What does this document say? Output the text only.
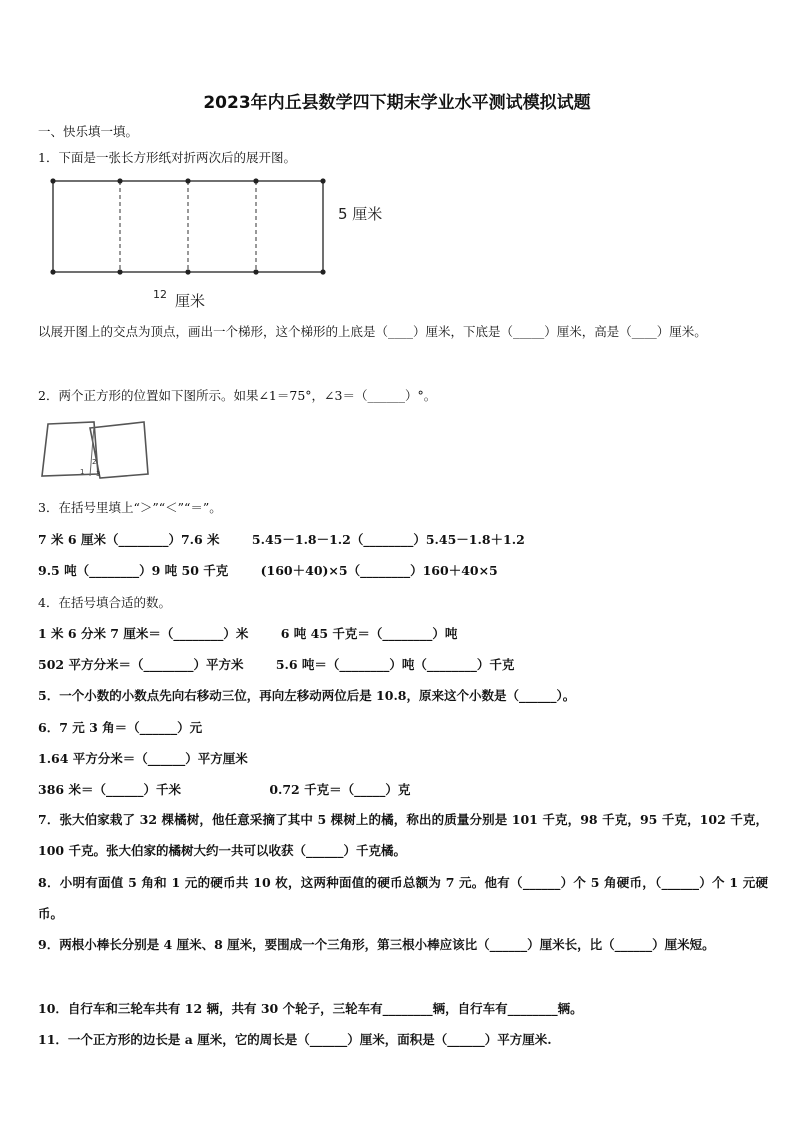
2023年内丘县数学四下期末学业水平测试模拟试题
一、快乐填一填。
1．下面是一张长方形纸对折两次后的展开图。
5 厘米
12 厘米
以展开图上的交点为顶点，画出一个梯形，这个梯形的上底是（____）厘米，下底是（_____）厘米，高是（____）厘米。
2．两个正方形的位置如下图所示。如果∠1＝75°，∠3＝（______）°。
1
2
3
3．在括号里填上“＞”“＜”“＝”。
7 米 6 厘米（________）7.6 米	5.45－1.8－1.2（________）5.45－1.8＋1.2
9.5 吨（________）9 吨 50 千克	(160＋40)×5（________）160＋40×5
4．在括号填合适的数。
1 米 6 分米 7 厘米＝（________）米	6 吨 45 千克＝（________）吨
502 平方分米＝（________）平方米	5.6 吨＝（________）吨（________）千克
5．一个小数的小数点先向右移动三位，再向左移动两位后是 10.8，原来这个小数是（______）。
6．7 元 3 角＝（______）元
1.64 平方分米＝（______）平方厘米
386 米＝（______）千米	0.72 千克＝（_____）克
7．张大伯家栽了 32 棵橘树，他任意采摘了其中 5 棵树上的橘，称出的质量分别是 101 千克，98 千克，95 千克，102 千克，100 千克。张大伯家的橘树大约一共可以收获（______）千克橘。
8．小明有面值 5 角和 1 元的硬币共 10 枚，这两种面值的硬币总额为 7 元。他有（______）个 5 角硬币，（______）个 1 元硬币。
9．两根小棒长分别是 4 厘米、8 厘米，要围成一个三角形，第三根小棒应该比（______）厘米长，比（______）厘米短。
10．自行车和三轮车共有 12 辆，共有 30 个轮子，三轮车有________辆，自行车有________辆。
11．一个正方形的边长是 a 厘米，它的周长是（______）厘米，面积是（______）平方厘米.
